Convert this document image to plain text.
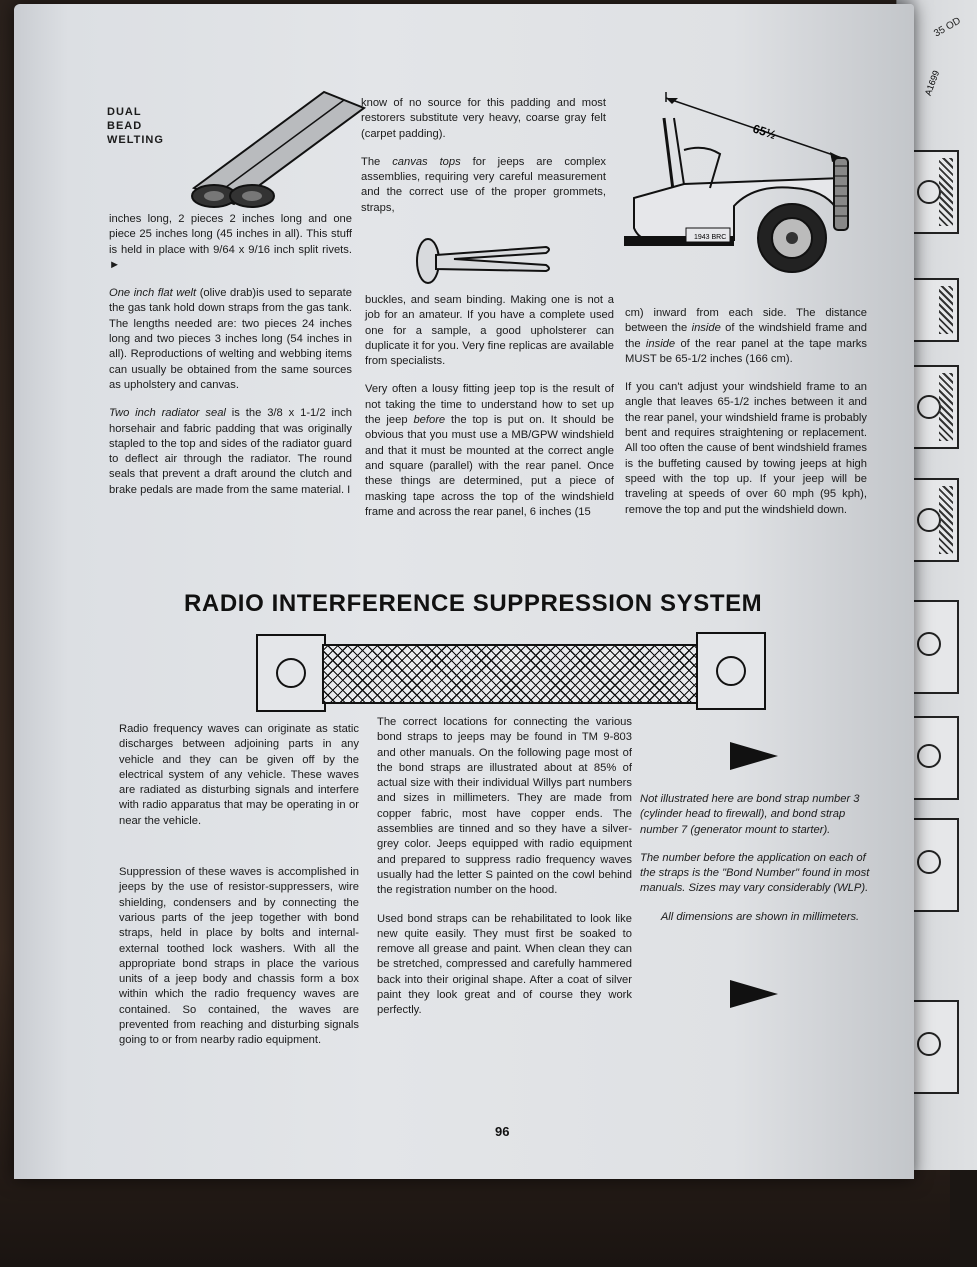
35 OD
A1699
DUAL
BEAD
WELTING	65½
1943 BRC

inches long, 2 pieces 2 inches long and one piece 25 inches long (45 inches in all). This stuff is held in place with 9/64 x 9/16 inch split rivets. ►

One inch flat welt (olive drab)is used to separate the gas tank hold down straps from the gas tank. The lengths needed are: two pieces 24 inches long and two pieces 3 inches long (54 inches in all). Reproductions of welting and webbing items can usually be obtained from the same sources as upholstery and canvas.

Two inch radiator seal is the 3/8 x 1-1/2 inch horsehair and fabric padding that was originally stapled to the top and sides of the radiator guard to deflect air through the radiator. The round seals that prevent a draft around the clutch and brake pedals are made from the same material. I

know of no source for this padding and most restorers substitute very heavy, coarse gray felt (carpet padding).

The canvas tops for jeeps are complex assemblies, requiring very careful measurement and the correct use of the proper grommets, straps,

buckles, and seam binding. Making one is not a job for an amateur. If you have a complete used one for a sample, a good upholsterer can duplicate it for you. Very fine replicas are available from specialists.

Very often a lousy fitting jeep top is the result of not taking the time to understand how to set up the jeep before the top is put on. It should be obvious that you must use a MB/GPW windshield and that it must be mounted at the correct angle and square (parallel) with the rear panel. Once these things are determined, put a piece of masking tape across the top of the windshield frame and across the rear panel, 6 inches (15

cm) inward from each side. The distance between the inside of the windshield frame and the inside of the rear panel at the tape marks MUST be 65-1/2 inches (166 cm).

If you can't adjust your windshield frame to an angle that leaves 65-1/2 inches between it and the rear panel, your windshield frame is probably bent and requires straightening or replacement. All too often the cause of bent windshield frames is the buffeting caused by towing jeeps at high speed with the top up. If your jeep will be traveling at speeds of over 60 mph (95 kph), remove the top and put the windshield down.

RADIO INTERFERENCE SUPPRESSION SYSTEM

Radio frequency waves can originate as static discharges between adjoining parts in any vehicle and they can be given off by the electrical system of any vehicle. These waves are radiated as disturbing signals and interfere with radio apparatus that may be operating in or near the vehicle.

Suppression of these waves is accomplished in jeeps by the use of resistor-suppressers, wire shielding, condensers and by connecting the various parts of the jeep together with bond straps, held in place by bolts and internal-external toothed lock washers. With all the appropriate bond straps in place the various units of a jeep body and chassis form a box within which the radio frequency waves are contained. So contained, the waves are prevented from reaching and disturbing signals going to or from nearby radio equipment.

The correct locations for connecting the various bond straps to jeeps may be found in TM 9-803 and other manuals. On the following page most of the bond straps are illustrated about at 85% of actual size with their individual Willys part numbers and sizes in millimeters. They are made from copper fabric, most have copper ends. The assemblies are tinned and so they have a silver-grey color. Jeeps equipped with radio equipment and prepared to suppress radio frequency waves usually had the letter S painted on the cowl behind the registration number on the hood.

Used bond straps can be rehabilitated to look like new quite easily. They must first be soaked to remove all grease and paint. When clean they can be stretched, compressed and carefully hammered back into their original shape. After a coat of silver paint they look great and of course they work perfectly.

Not illustrated here are bond strap number 3 (cylinder head to firewall), and bond strap number 7 (generator mount to starter).

The number before the application on each of the straps is the "Bond Number" found in most manuals. Sizes may vary considerably (WLP).

All dimensions are shown in millimeters.

96
